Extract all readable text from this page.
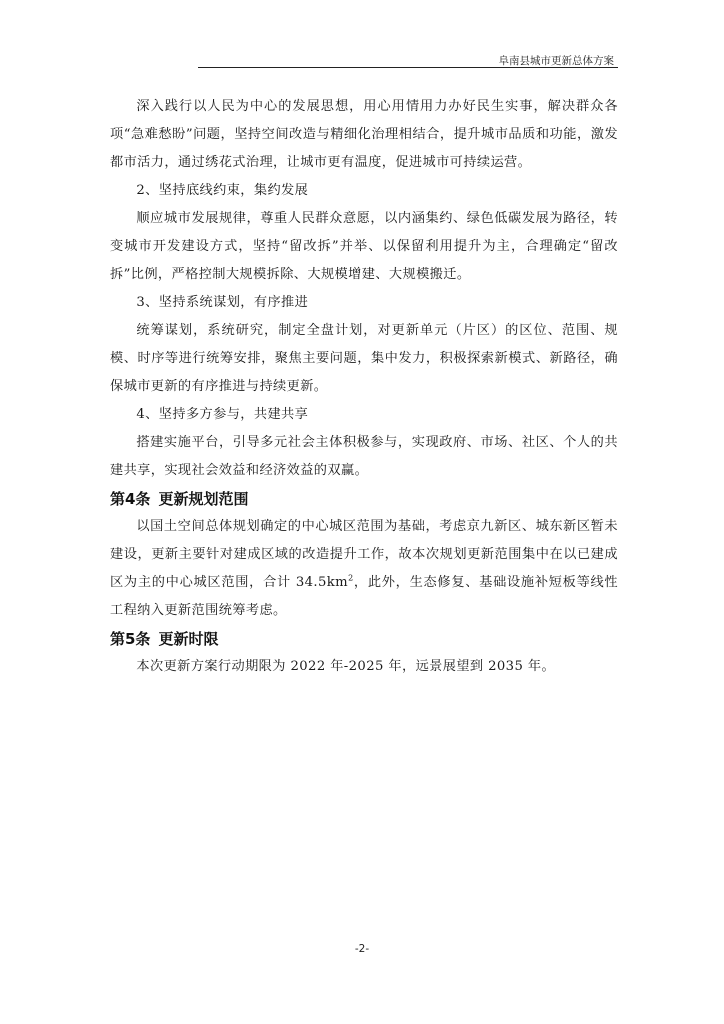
阜南县城市更新总体方案

深入践行以人民为中心的发展思想，用心用情用力办好民生实事，解决群众各项“急难愁盼”问题，坚持空间改造与精细化治理相结合，提升城市品质和功能，激发都市活力，通过绣花式治理，让城市更有温度，促进城市可持续运营。

2、坚持底线约束，集约发展

顺应城市发展规律，尊重人民群众意愿，以内涵集约、绿色低碳发展为路径，转变城市开发建设方式，坚持“留改拆”并举、以保留利用提升为主，合理确定“留改拆”比例，严格控制大规模拆除、大规模增建、大规模搬迁。

3、坚持系统谋划，有序推进

统筹谋划，系统研究，制定全盘计划，对更新单元（片区）的区位、范围、规模、时序等进行统筹安排，聚焦主要问题，集中发力，积极探索新模式、新路径，确保城市更新的有序推进与持续更新。

4、坚持多方参与，共建共享

搭建实施平台，引导多元社会主体积极参与，实现政府、市场、社区、个人的共建共享，实现社会效益和经济效益的双赢。

第4条 更新规划范围

以国土空间总体规划确定的中心城区范围为基础，考虑京九新区、城东新区暂未建设，更新主要针对建成区域的改造提升工作，故本次规划更新范围集中在以已建成区为主的中心城区范围，合计 $34.5km^2$，此外，生态修复、基础设施补短板等线性工程纳入更新范围统筹考虑。

第5条 更新时限

本次更新方案行动期限为 2022 年-2025 年，远景展望到 2035 年。

-2-
